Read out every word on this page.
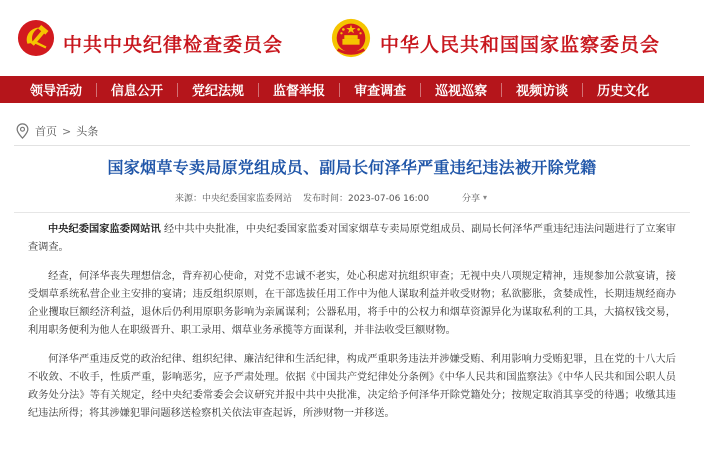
中共中央纪律检查委员会	中华人民共和国国家监察委员会
领导活动 信息公开 党纪法规 监督举报 审查调查 巡视巡察 视频访谈 历史文化
首页 > 头条
国家烟草专卖局原党组成员、副局长何泽华严重违纪违法被开除党籍
来源：中央纪委国家监委网站 发布时间：2023-07-06 16:00	分享 ▾
中央纪委国家监委网站讯 经中共中央批准，中央纪委国家监委对国家烟草专卖局原党组成员、副局长何泽华严重违纪违法问题进行了立案审查调查。
经查，何泽华丧失理想信念，背弃初心使命，对党不忠诚不老实，处心积虑对抗组织审查；无视中央八项规定精神，违规参加公款宴请，接受烟草系统私营企业主安排的宴请；违反组织原则，在干部选拔任用工作中为他人谋取利益并收受财物；私欲膨胀，贪婪成性，长期违规经商办企业攫取巨额经济利益，退休后仍利用原职务影响为亲属谋利；公器私用，将手中的公权力和烟草资源异化为谋取私利的工具，大搞权钱交易，利用职务便利为他人在职级晋升、职工录用、烟草业务承揽等方面谋利，并非法收受巨额财物。
何泽华严重违反党的政治纪律、组织纪律、廉洁纪律和生活纪律，构成严重职务违法并涉嫌受贿、利用影响力受贿犯罪，且在党的十八大后不收敛、不收手，性质严重，影响恶劣，应予严肃处理。依据《中国共产党纪律处分条例》《中华人民共和国监察法》《中华人民共和国公职人员政务处分法》等有关规定，经中央纪委常委会会议研究并报中共中央批准，决定给予何泽华开除党籍处分；按规定取消其享受的待遇；收缴其违纪违法所得；将其涉嫌犯罪问题移送检察机关依法审查起诉，所涉财物一并移送。
